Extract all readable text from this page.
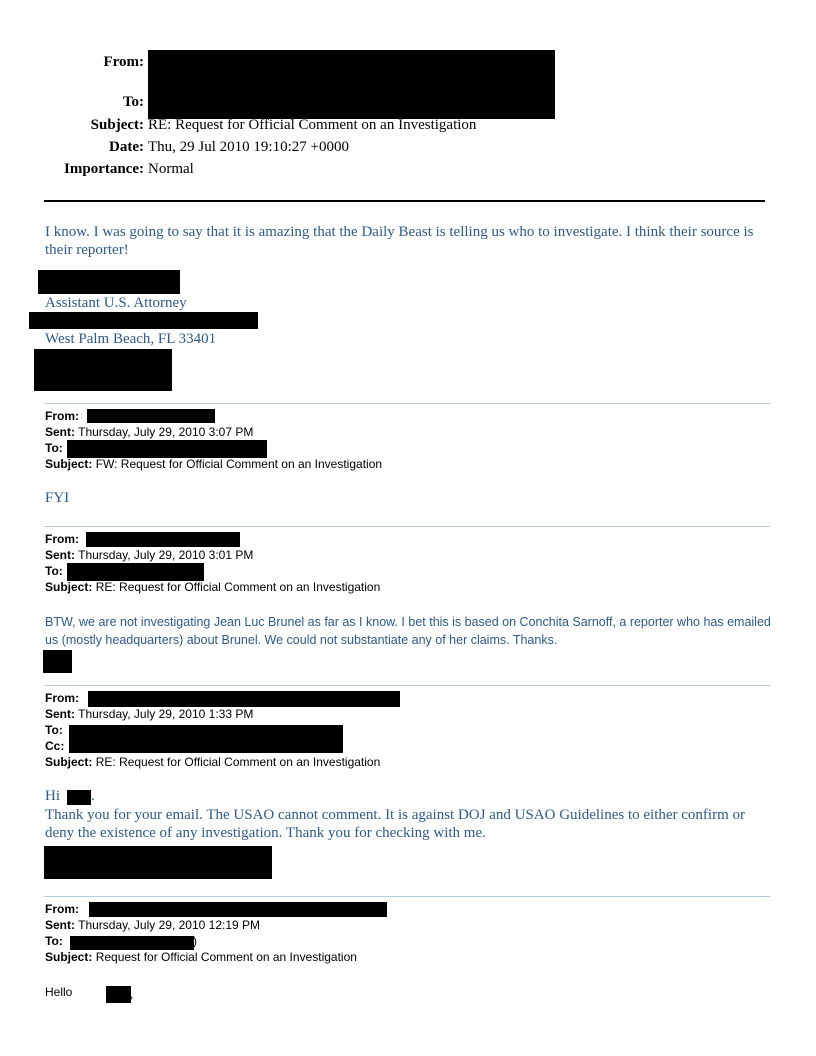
From:
To:
Subject: RE: Request for Official Comment on an Investigation
Date: Thu, 29 Jul 2010 19:10:27 +0000
Importance: Normal
I know. I was going to say that it is amazing that the Daily Beast is telling us who to investigate. I think their source is their reporter!
Assistant U.S. Attorney
West Palm Beach, FL 33401
From:
Sent: Thursday, July 29, 2010 3:07 PM
To:
Subject: FW: Request for Official Comment on an Investigation
FYI
From:
Sent: Thursday, July 29, 2010 3:01 PM
To:
Subject: RE: Request for Official Comment on an Investigation
BTW, we are not investigating Jean Luc Brunel as far as I know. I bet this is based on Conchita Sarnoff, a reporter who has emailed us (mostly headquarters) about Brunel. We could not substantiate any of her claims. Thanks.
From:
Sent: Thursday, July 29, 2010 1:33 PM
To:
Cc:
Subject: RE: Request for Official Comment on an Investigation
Hi .
Thank you for your email. The USAO cannot comment. It is against DOJ and USAO Guidelines to either confirm or deny the existence of any investigation. Thank you for checking with me.
From:
Sent: Thursday, July 29, 2010 12:19 PM
To:	)
Subject: Request for Official Comment on an Investigation
Hello	,
